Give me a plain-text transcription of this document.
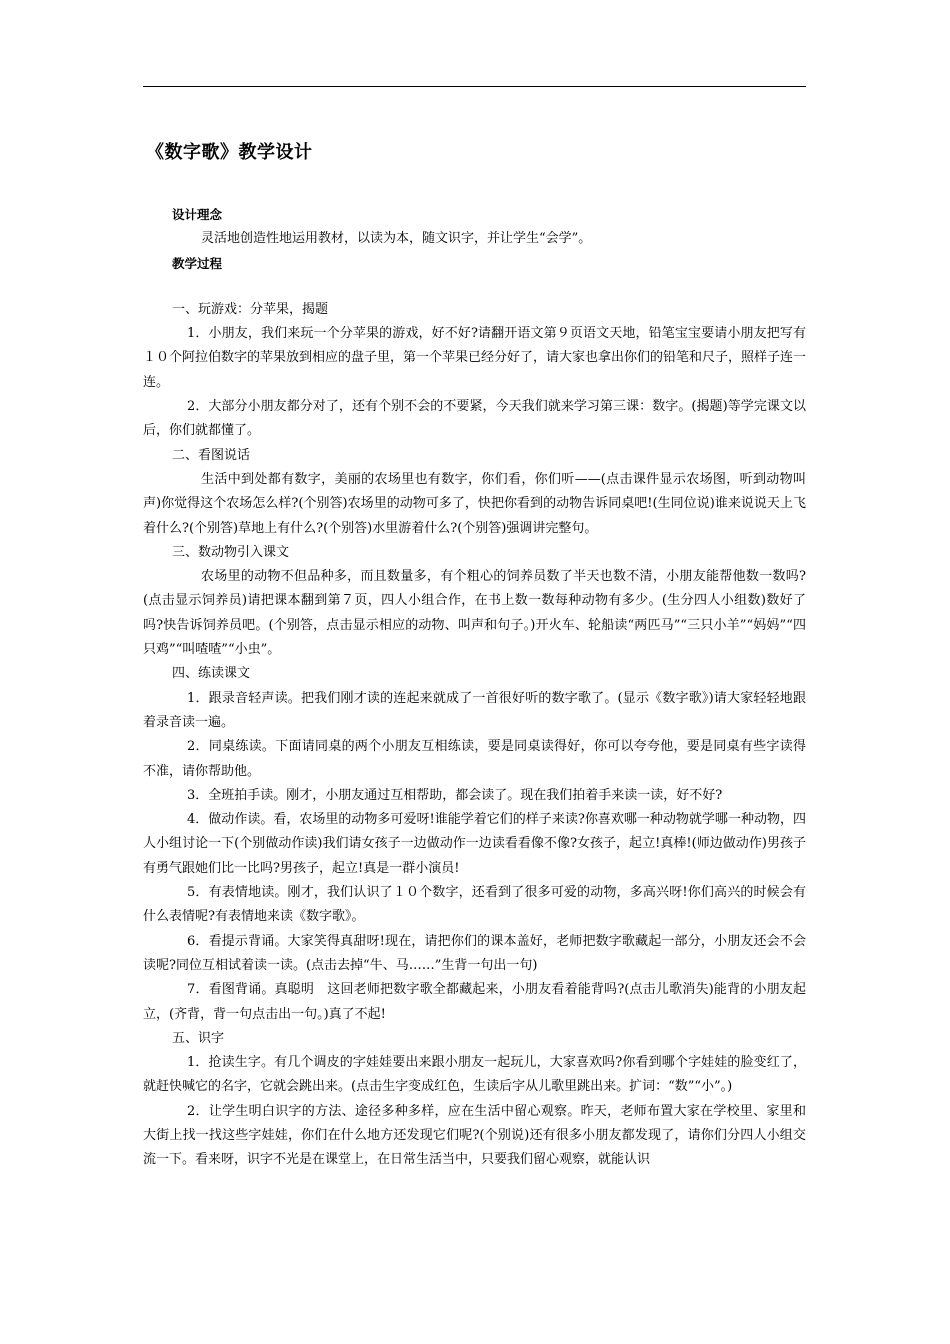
《数字歌》教学设计

设计理念

灵活地创造性地运用教材，以读为本，随文识字，并让学生“会学”。

教学过程

一、玩游戏：分苹果，揭题

1．小朋友，我们来玩一个分苹果的游戏，好不好?请翻开语文第９页语文天地，铅笔宝宝要请小朋友把写有１０个阿拉伯数字的苹果放到相应的盘子里，第一个苹果已经分好了，请大家也拿出你们的铅笔和尺子，照样子连一连。

2．大部分小朋友都分对了，还有个别不会的不要紧，今天我们就来学习第三课：数字。(揭题)等学完课文以后，你们就都懂了。

二、看图说话

生活中到处都有数字，美丽的农场里也有数字，你们看，你们听——(点击课件显示农场图，听到动物叫声)你觉得这个农场怎么样?(个别答)农场里的动物可多了，快把你看到的动物告诉同桌吧!(生同位说)谁来说说天上飞着什么?(个别答)草地上有什么?(个别答)水里游着什么?(个别答)强调讲完整句。

三、数动物引入课文

农场里的动物不但品种多，而且数量多，有个粗心的饲养员数了半天也数不清，小朋友能帮他数一数吗?(点击显示饲养员)请把课本翻到第７页，四人小组合作，在书上数一数每种动物有多少。(生分四人小组数)数好了吗?快告诉饲养员吧。(个别答，点击显示相应的动物、叫声和句子。)开火车、轮船读“两匹马”“三只小羊”“妈妈”“四只鸡”“叫喳喳”“小虫”。

四、练读课文

1．跟录音轻声读。把我们刚才读的连起来就成了一首很好听的数字歌了。(显示《数字歌》)请大家轻轻地跟着录音读一遍。

2．同桌练读。下面请同桌的两个小朋友互相练读，要是同桌读得好，你可以夸夸他，要是同桌有些字读得不准，请你帮助他。

3．全班拍手读。刚才，小朋友通过互相帮助，都会读了。现在我们拍着手来读一读，好不好?

4．做动作读。看，农场里的动物多可爱呀!谁能学着它们的样子来读?你喜欢哪一种动物就学哪一种动物，四人小组讨论一下(个别做动作读)我们请女孩子一边做动作一边读看看像不像?女孩子，起立!真棒!(师边做动作)男孩子有勇气跟她们比一比吗?男孩子，起立!真是一群小演员!

5．有表情地读。刚才，我们认识了１０个数字，还看到了很多可爱的动物，多高兴呀!你们高兴的时候会有什么表情呢?有表情地来读《数字歌》。

6．看提示背诵。大家笑得真甜呀!现在，请把你们的课本盖好，老师把数字歌藏起一部分，小朋友还会不会读呢?同位互相试着读一读。(点击去掉“牛、马……”生背一句出一句)

7．看图背诵。真聪明　这回老师把数字歌全都藏起来，小朋友看着能背吗?(点击儿歌消失)能背的小朋友起立，(齐背，背一句点击出一句。)真了不起!

五、识字

1．抢读生字。有几个调皮的字娃娃要出来跟小朋友一起玩儿，大家喜欢吗?你看到哪个字娃娃的脸变红了，就赶快喊它的名字，它就会跳出来。(点击生字变成红色，生读后字从儿歌里跳出来。扩词：“数”“小”。)

2．让学生明白识字的方法、途径多种多样，应在生活中留心观察。昨天，老师布置大家在学校里、家里和大街上找一找这些字娃娃，你们在什么地方还发现它们呢?(个别说)还有很多小朋友都发现了，请你们分四人小组交流一下。看来呀，识字不光是在课堂上，在日常生活当中，只要我们留心观察，就能认识
